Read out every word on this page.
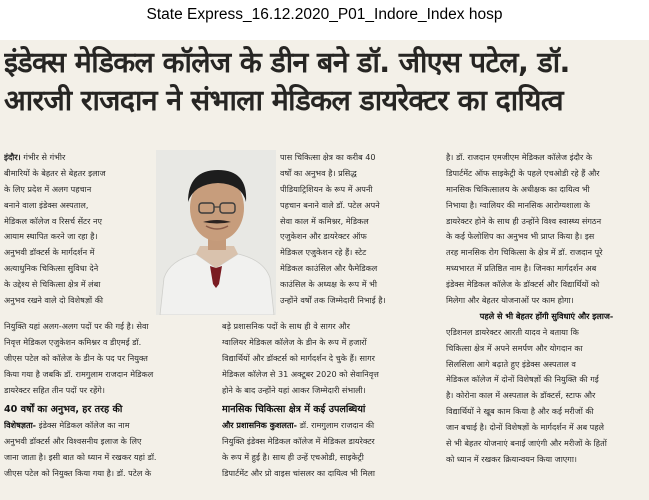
State Express_16.12.2020_P01_Indore_Index hosp
इंडेक्स मेडिकल कॉलेज के डीन बने डॉ. जीएस पटेल, डॉ.
आरजी राजदान ने संभाला मेडिकल डायरेक्टर का दायित्व

इंदौर। गंभीर से गंभीर

बीमारियों के बेहतर से बेहतर इलाज

के लिए प्रदेश में अलग पहचान

बनाने वाला इंडेक्स अस्पताल,

मेडिकल कॉलेज व रिसर्च सेंटर नए

आयाम स्थापित करने जा रहा है।

अनुभवी डॉक्टर्स के मार्गदर्शन में

अत्याधुनिक चिकित्सा सुविधा देने

के उद्देश्य से चिकित्सा क्षेत्र में लंबा

अनुभव रखने वाले दो विशेषज्ञों की

पास चिकित्सा क्षेत्र का करीब 40

वर्षों का अनुभव है। प्रसिद्ध

पीडियाट्रिशियन के रूप में अपनी

पहचान बनाने वाले डॉ. पटेल अपने

सेवा काल में कमिश्नर, मेडिकल

एजुकेशन और डायरेक्टर ऑफ

मेडिकल एजुकेशन रहे हैं। स्टेट

मेडिकल काउंसिल और फैमेडिकल

काउंसिल के अध्यक्ष के रूप में भी

उन्होंने वर्षों तक जिम्मेदारी निभाई है।

नियुक्ति यहां अलग-अलग पदों पर की गई है। सेवा

निवृत्त मेडिकल एजुकेशन कमिश्नर व डीएमई डॉ.

जीएस पटेल को कॉलेज के डीन के पद पर नियुक्त

किया गया है जबकि डॉ. रामगुलाम राजदान मेडिकल

डायरेक्टर सहित तीन पदों पर रहेंगे।

40 वर्षों का अनुभव, हर तरह की

विशेषज्ञता- इंडेक्स मेडिकल कॉलेज का नाम

अनुभवी डॉक्टर्स और विश्वसनीय इलाज के लिए

जाना जाता है। इसी बात को ध्यान में रखकर यहां डॉ.

जीएस पटेल को नियुक्त किया गया है। डॉ. पटेल के

बड़े प्रशासनिक पदों के साथ ही वे सागर और

ग्वालियर मेडिकल कॉलेज के डीन के रूप में हजारों

विद्यार्थियों और डॉक्टर्स को मार्गदर्शन दे चुके हैं। सागर

मेडिकल कॉलेज से 31 अक्टूबर 2020 को सेवानिवृत्त

होने के बाद उन्होंने यहां आकर जिम्मेदारी संभाली।

मानसिक चिकित्सा क्षेत्र में कई उपलब्धियां

और प्रशासनिक कुशलता- डॉ. रामगुलाम राजदान की

नियुक्ति इंडेक्स मेडिकल कॉलेज में मेडिकल डायरेक्टर

के रूप में हुई है। साथ ही उन्हें एचओडी, साइकेट्री

डिपार्टमेंट और प्रो वाइस चांसलर का दायित्व भी मिला

है। डॉ. राजदान एमजीएम मेडिकल कॉलेज इंदौर के

डिपार्टमेंट ऑफ साइकेट्री के पहले एचओडी रहे हैं और

मानसिक चिकित्सालय के अधीक्षक का दायित्व भी

निभाया है। ग्वालियर की मानसिक आरोग्यशाला के

डायरेक्टर होने के साथ ही उन्होंने विश्व स्वास्थ्य संगठन

के कई फेलोशिप का अनुभव भी प्राप्त किया है। इस

तरह मानसिक रोग चिकित्सा के क्षेत्र में डॉ. राजदान पूरे

मध्यभारत में प्रतिष्ठित नाम है। जिनका मार्गदर्शन अब

इंडेक्स मेडिकल कॉलेज के डॉक्टर्स और विद्यार्थियों को

मिलेगा और बेहतर योजनाओं पर काम होगा।

पहले से भी बेहतर होंगी सुविधाएं और इलाज-

एडिशनल डायरेक्टर आरती यादव ने बताया कि

चिकित्सा क्षेत्र में अपने समर्पण और योगदान का

सिलसिला आगे बढ़ाते हुए इंडेक्स अस्पताल व

मेडिकल कॉलेज में दोनों विशेषज्ञों की नियुक्ति की गई

है। कोरोना काल में अस्पताल के डॉक्टर्स, स्टाफ और

विद्यार्थियों ने खूब काम किया है और कई मरीजों की

जान बचाई है। दोनों विशेषज्ञों के मार्गदर्शन में अब पहले

से भी बेहतर योजनाएं बनाई जाएंगी और मरीजों के हितों

को ध्यान में रखकर क्रियान्वयन किया जाएगा।
